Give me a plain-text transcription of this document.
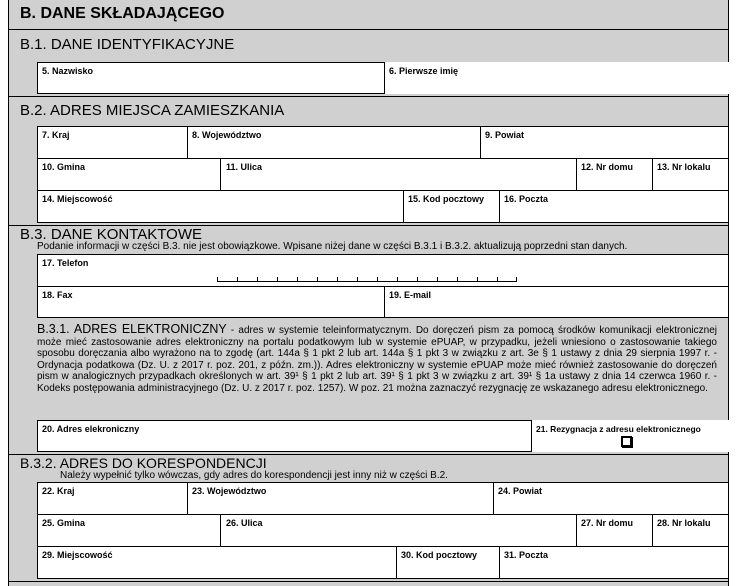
B. DANE SKŁADAJĄCEGO
B.1. DANE IDENTYFIKACYJNE
5. Nazwisko	6. Pierwsze imię
B.2. ADRES MIEJSCA ZAMIESZKANIA
7. Kraj	8. Województwo	9. Powiat
10. Gmina	11. Ulica	12. Nr domu	13. Nr lokalu
14. Miejscowość	15. Kod pocztowy 16. Poczta
B.3. DANE KONTAKTOWE
Podanie informacji w części B.3. nie jest obowiązkowe. Wpisane niżej dane w części B.3.1 i B.3.2. aktualizują poprzedni stan danych.
17. Telefon
18. Fax	19. E-mail
B.3.1. ADRES ELEKTRONICZNY - adres w systemie teleinformatycznym. Do doręczeń pism za pomocą środków komunikacji elektronicznej może mieć zastosowanie adres elektroniczny na portalu podatkowym lub w systemie ePUAP, w przypadku, jeżeli wniesiono o zastosowanie takiego sposobu doręczania albo wyrażono na to zgodę (art. 144a § 1 pkt 2 lub art. 144a § 1 pkt 3 w związku z art. 3e § 1 ustawy z dnia 29 sierpnia 1997 r. - Ordynacja podatkowa (Dz. U. z 2017 r. poz. 201, z późn. zm.)). Adres elektroniczny w systemie ePUAP może mieć również zastosowanie do doręczeń pism w analogicznych przypadkach określonych w art. 39¹ § 1 pkt 2 lub art. 39¹ § 1 pkt 3 w związku z art. 39¹ § 1a ustawy z dnia 14 czerwca 1960 r. - Kodeks postępowania administracyjnego (Dz. U. z 2017 r. poz. 1257). W poz. 21 można zaznaczyć rezygnację ze wskazanego adresu elektronicznego.
20. Adres elekroniczny	21. Rezygnacja z adresu elektronicznego
B.3.2. ADRES DO KORESPONDENCJI
Należy wypełnić tylko wówczas, gdy adres do korespondencji jest inny niż w części B.2.
22. Kraj	23. Województwo	24. Powiat
25. Gmina	26. Ulica	27. Nr domu	28. Nr lokalu
29. Miejscowość	30. Kod pocztowy	31. Poczta
